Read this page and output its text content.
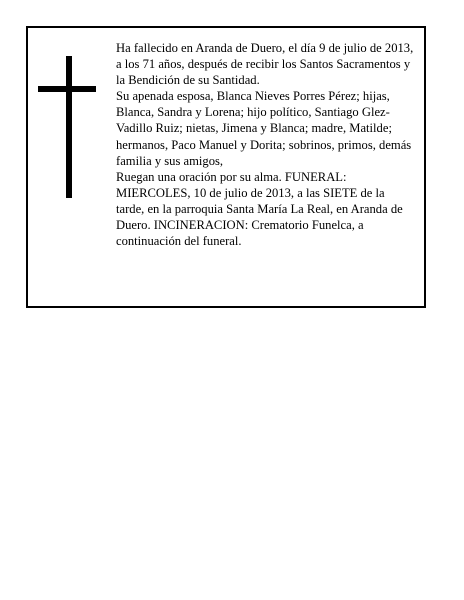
Ha fallecido en Aranda de Duero, el día 9 de julio de 2013, a los 71 años, después de recibir los Santos Sacramentos y la Bendición de su Santidad.

Su apenada esposa, Blanca Nieves Porres Pérez; hijas, Blanca, Sandra y Lorena; hijo político, Santiago Glez-Vadillo Ruiz; nietas, Jimena y Blanca; madre, Matilde; hermanos, Paco Manuel y Dorita; sobrinos, primos, demás familia y sus amigos,

Ruegan una oración por su alma. FUNERAL: MIERCOLES, 10 de julio de 2013, a las SIETE de la tarde, en la parroquia Santa María La Real, en Aranda de Duero. INCINERACION: Crematorio Funelca, a continuación del funeral.
